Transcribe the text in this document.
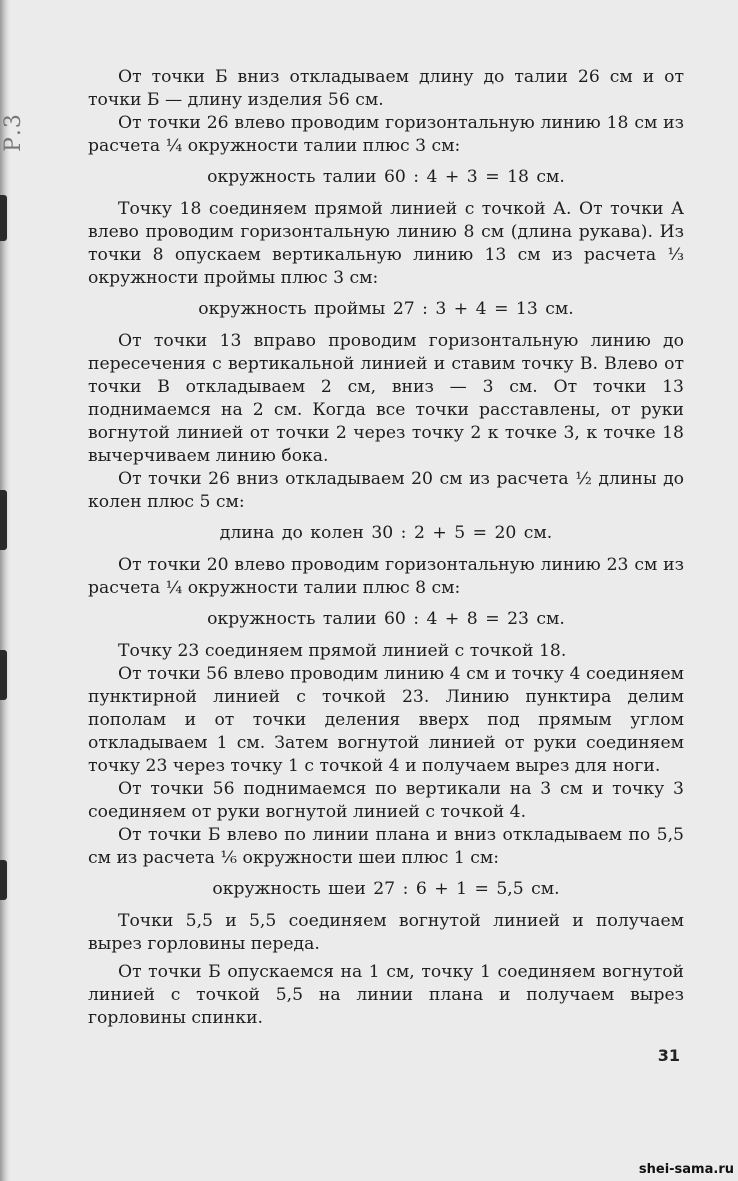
Р.3

От точки Б вниз откладываем длину до талии 26 см и от точки Б — длину изделия 56 см.

От точки 26 влево проводим горизонтальную линию 18 см из расчета ¼ окружности талии плюс 3 см:

окружность талии 60 : 4 + 3 = 18 см.

Точку 18 соединяем прямой линией с точкой А. От точки А влево проводим горизонтальную линию 8 см (длина рукава). Из точки 8 опускаем вертикальную линию 13 см из расчета ⅓ окружности проймы плюс 3 см:

окружность проймы 27 : 3 + 4 = 13 см.

От точки 13 вправо проводим горизонтальную линию до пересечения с вертикальной линией и ставим точку В. Влево от точки В откладываем 2 см, вниз — 3 см. От точки 13 поднимаемся на 2 см. Когда все точки расставлены, от руки вогнутой линией от точки 2 через точку 2 к точке 3, к точке 18 вычерчиваем линию бока.

От точки 26 вниз откладываем 20 см из расчета ½ длины до колен плюс 5 см:

длина до колен 30 : 2 + 5 = 20 см.

От точки 20 влево проводим горизонтальную линию 23 см из расчета ¼ окружности талии плюс 8 см:

окружность талии 60 : 4 + 8 = 23 см.

Точку 23 соединяем прямой линией с точкой 18.

От точки 56 влево проводим линию 4 см и точку 4 соединяем пунктирной линией с точкой 23. Линию пунктира делим пополам и от точки деления вверх под прямым углом откладываем 1 см. Затем вогнутой линией от руки соединяем точку 23 через точку 1 с точкой 4 и получаем вырез для ноги.

От точки 56 поднимаемся по вертикали на 3 см и точку 3 соединяем от руки вогнутой линией с точкой 4.

От точки Б влево по линии плана и вниз откладываем по 5,5 см из расчета ⅙ окружности шеи плюс 1 см:

окружность шеи 27 : 6 + 1 = 5,5 см.

Точки 5,5 и 5,5 соединяем вогнутой линией и получаем вырез горловины переда.

От точки Б опускаемся на 1 см, точку 1 соединяем вогнутой линией с точкой 5,5 на линии плана и получаем вырез горловины спинки.

31
shei-sama.ru
